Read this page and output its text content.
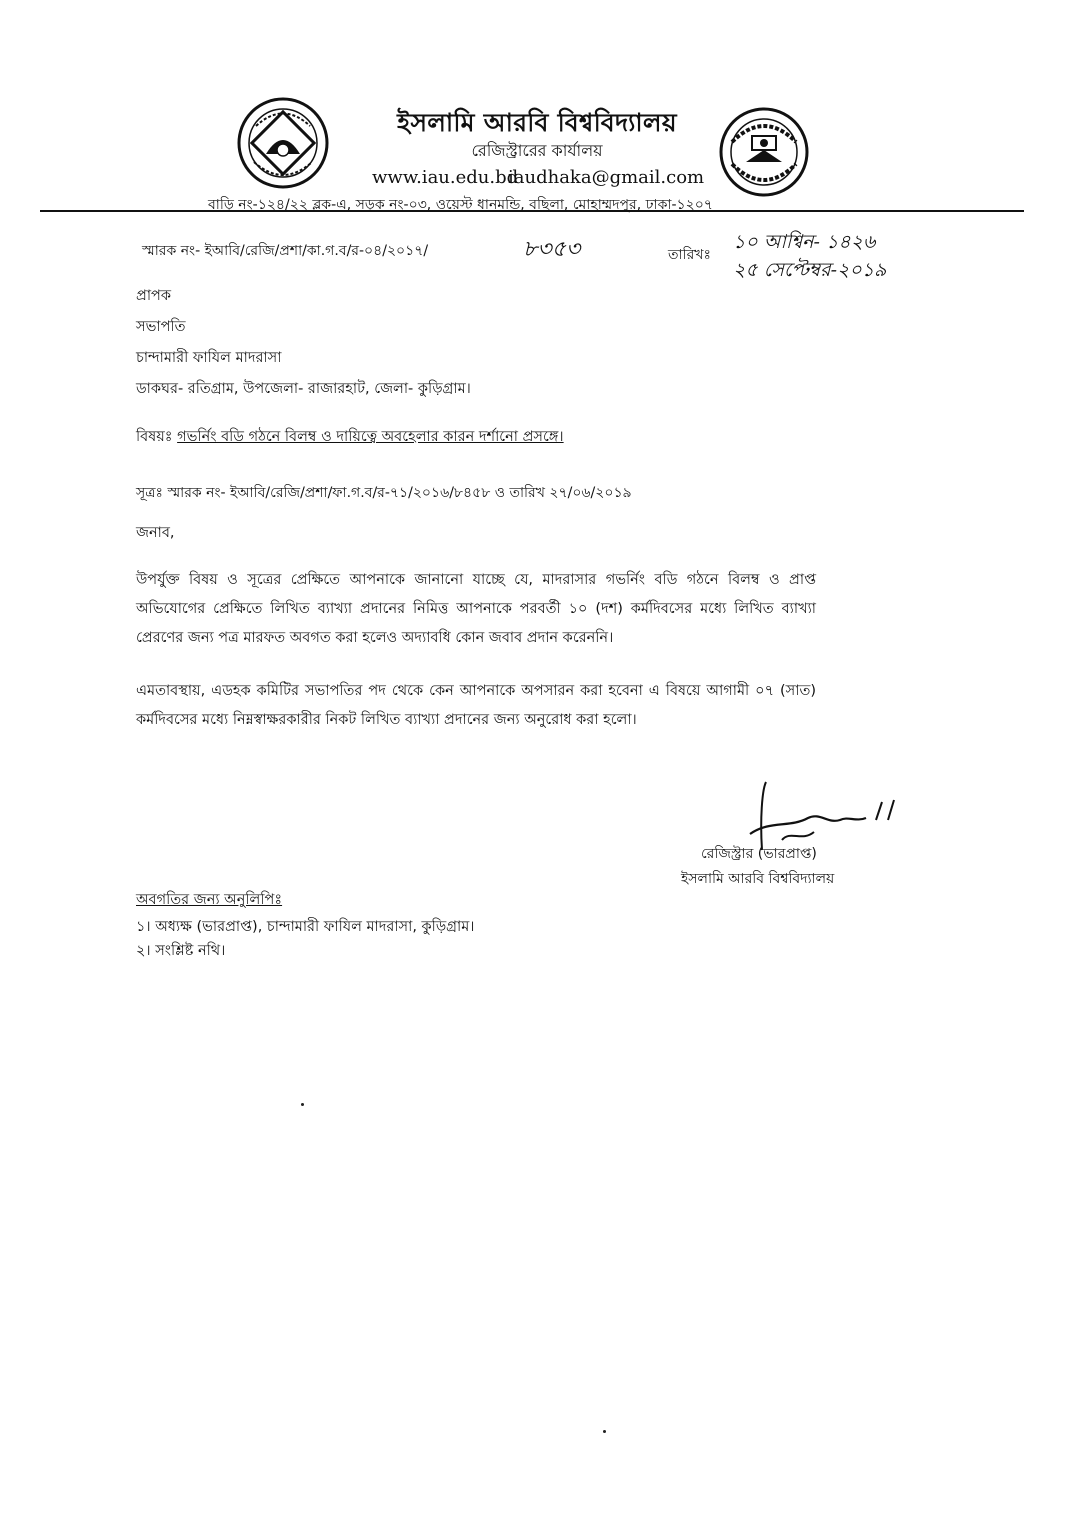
ইসলামি আরবি বিশ্ববিদ্যালয়
রেজিস্ট্রারের কার্যালয়
www.iau.edu.bd
iaudhaka@gmail.com
বাড়ি নং-১২৪/২২ ব্লক-এ, সড়ক নং-০৩, ওয়েস্ট ধানমন্ডি, বছিলা, মোহাম্মদপুর, ঢাকা-১২০৭
স্মারক নং- ইআবি/রেজি/প্রশা/কা.গ.ব/র-০৪/২০১৭/	৮৩৫৩	তারিখঃ
১০ আশ্বিন- ১৪২৬
২৫ সেপ্টেম্বর-২০১৯
প্রাপক
সভাপতি
চান্দামারী ফাযিল মাদরাসা
ডাকঘর- রতিগ্রাম, উপজেলা- রাজারহাট, জেলা- কুড়িগ্রাম।
বিষয়ঃ গভর্নিং বডি গঠনে বিলম্ব ও দায়িত্বে অবহেলার কারন দর্শানো প্রসঙ্গে।
সূত্রঃ স্মারক নং- ইআবি/রেজি/প্রশা/ফা.গ.ব/র-৭১/২০১৬/৮৪৫৮ ও তারিখ ২৭/০৬/২০১৯
জনাব,
উপর্যুক্ত বিষয় ও সূত্রের প্রেক্ষিতে আপনাকে জানানো যাচ্ছে যে, মাদরাসার গভর্নিং বডি গঠনে বিলম্ব ও প্রাপ্ত অভিযোগের প্রেক্ষিতে লিখিত ব্যাখ্যা প্রদানের নিমিত্ত আপনাকে পরবর্তী ১০ (দশ) কর্মদিবসের মধ্যে লিখিত ব্যাখ্যা প্রেরণের জন্য পত্র মারফত অবগত করা হলেও অদ্যাবধি কোন জবাব প্রদান করেননি।
এমতাবস্থায়, এডহক কমিটির সভাপতির পদ থেকে কেন আপনাকে অপসারন করা হবেনা এ বিষয়ে আগামী ০৭ (সাত) কর্মদিবসের মধ্যে নিম্নস্বাক্ষরকারীর নিকট লিখিত ব্যাখ্যা প্রদানের জন্য অনুরোধ করা হলো।
রেজিস্ট্রার (ভারপ্রাপ্ত)
ইসলামি আরবি বিশ্ববিদ্যালয়
অবগতির জন্য অনুলিপিঃ
১। অধ্যক্ষ (ভারপ্রাপ্ত), চান্দামারী ফাযিল মাদরাসা, কুড়িগ্রাম।
২। সংশ্লিষ্ট নথি।
